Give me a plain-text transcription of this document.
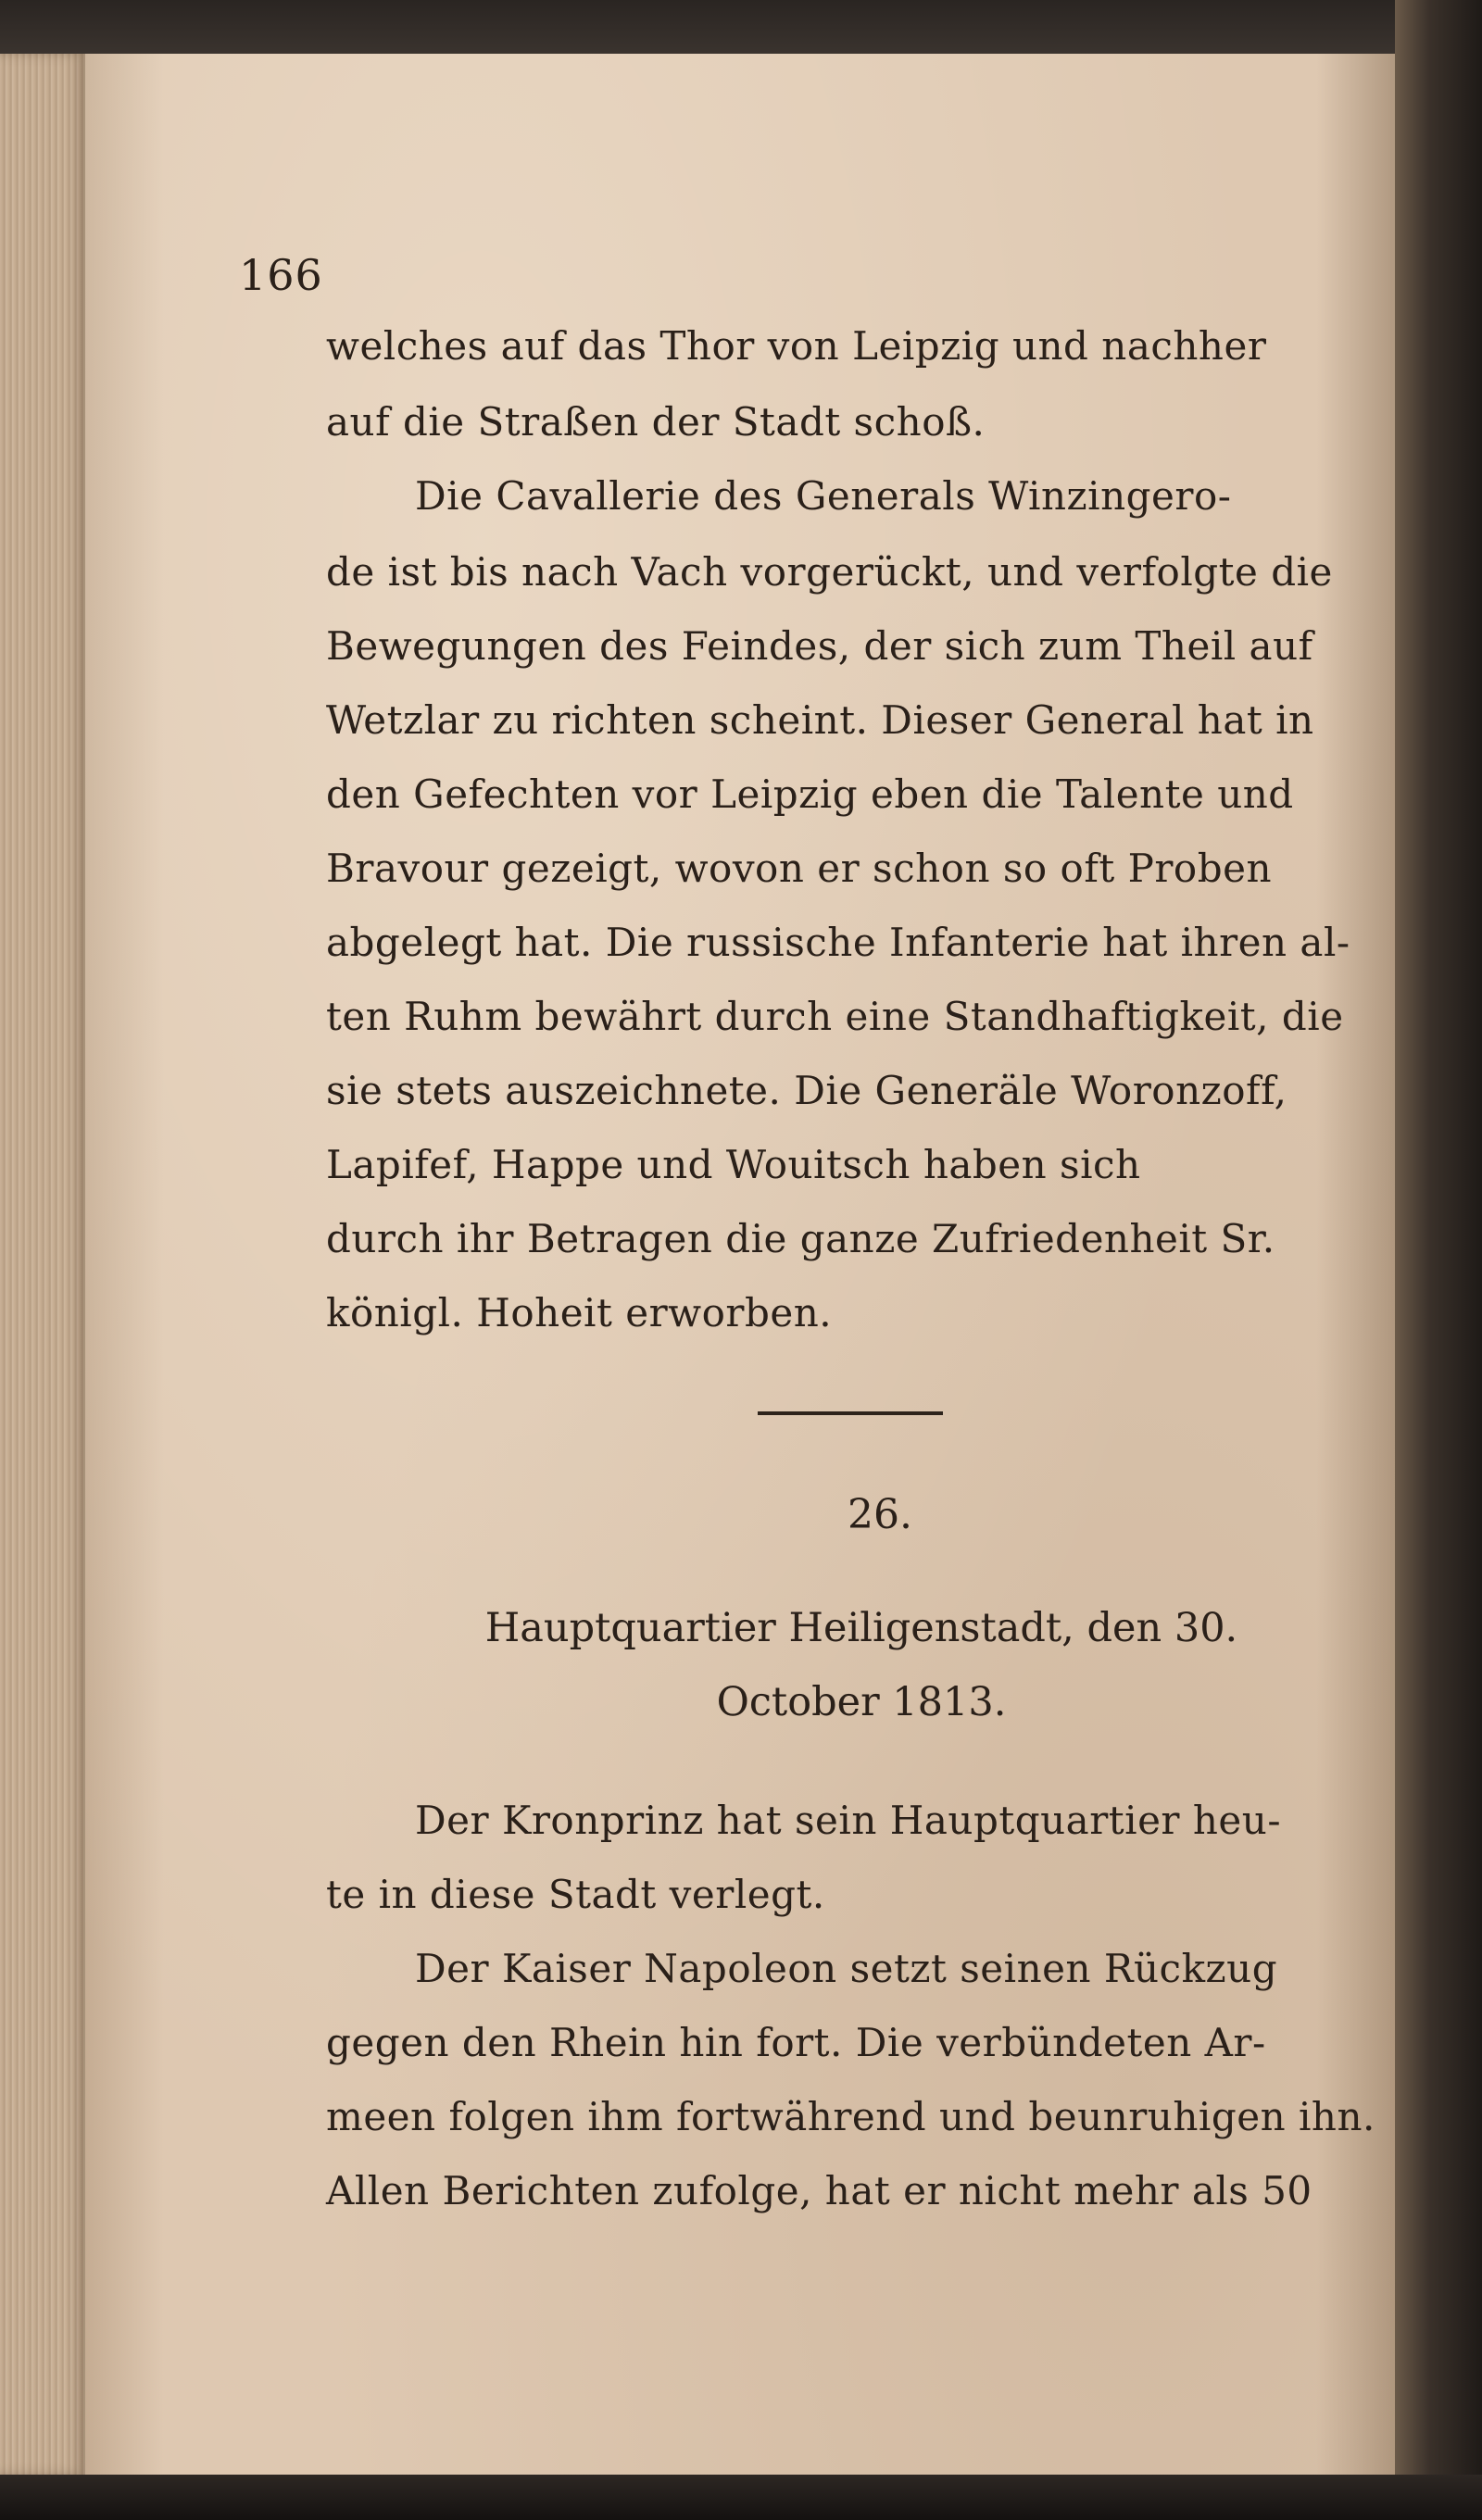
166
welches auf das Thor von Leipzig und nachher
auf die Straßen der Stadt schoß.
Die Cavallerie des Generals Winzingero-
de ist bis nach Vach vorgerückt, und verfolgte die
Bewegungen des Feindes, der sich zum Theil auf
Wetzlar zu richten scheint. Dieser General hat in
den Gefechten vor Leipzig eben die Talente und
Bravour gezeigt, wovon er schon so oft Proben
abgelegt hat. Die russische Infanterie hat ihren al-
ten Ruhm bewährt durch eine Standhaftigkeit, die
sie stets auszeichnete. Die Generäle Woronzoff,
Lapifef, Happe und Wouitsch haben sich
durch ihr Betragen die ganze Zufriedenheit Sr.
königl. Hoheit erworben.
26.
Hauptquartier Heiligenstadt, den 30.
October 1813.
Der Kronprinz hat sein Hauptquartier heu-
te in diese Stadt verlegt.
Der Kaiser Napoleon setzt seinen Rückzug
gegen den Rhein hin fort. Die verbündeten Ar-
meen folgen ihm fortwährend und beunruhigen ihn.
Allen Berichten zufolge, hat er nicht mehr als 50
